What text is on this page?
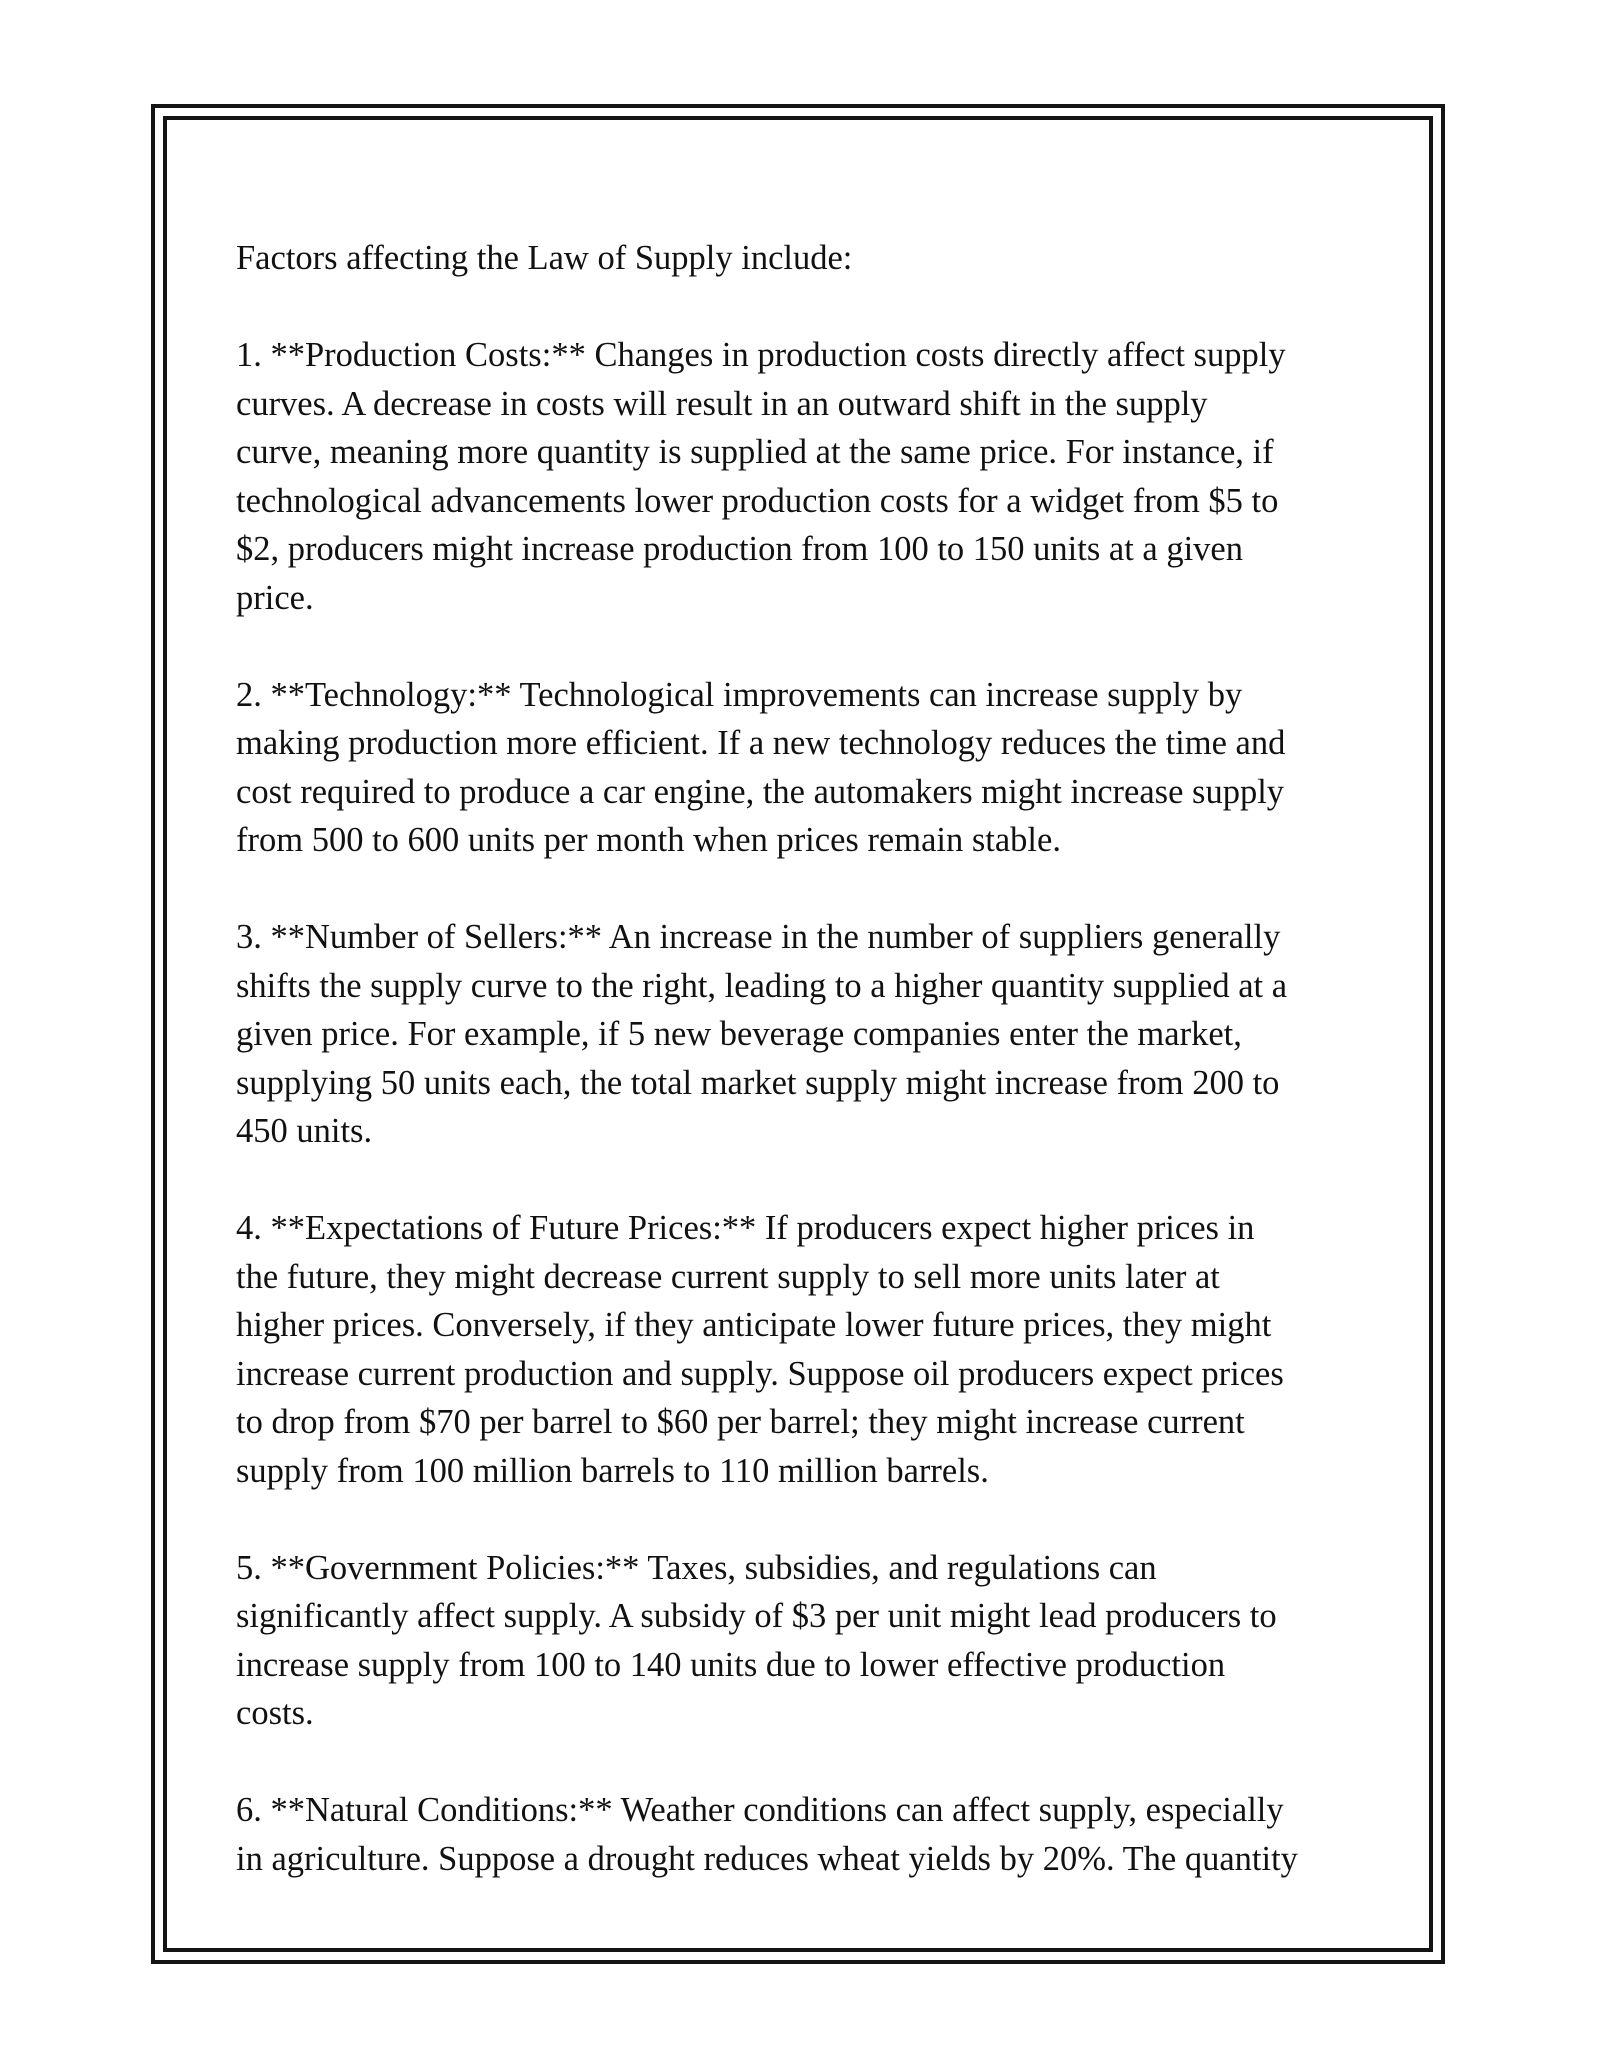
Factors affecting the Law of Supply include:

1. **Production Costs:** Changes in production costs directly affect supply
curves. A decrease in costs will result in an outward shift in the supply
curve, meaning more quantity is supplied at the same price. For instance, if
technological advancements lower production costs for a widget from $5 to
$2, producers might increase production from 100 to 150 units at a given
price.
2. **Technology:** Technological improvements can increase supply by
making production more efficient. If a new technology reduces the time and
cost required to produce a car engine, the automakers might increase supply
from 500 to 600 units per month when prices remain stable.
3. **Number of Sellers:** An increase in the number of suppliers generally
shifts the supply curve to the right, leading to a higher quantity supplied at a
given price. For example, if 5 new beverage companies enter the market,
supplying 50 units each, the total market supply might increase from 200 to
450 units.
4. **Expectations of Future Prices:** If producers expect higher prices in
the future, they might decrease current supply to sell more units later at
higher prices. Conversely, if they anticipate lower future prices, they might
increase current production and supply. Suppose oil producers expect prices
to drop from $70 per barrel to $60 per barrel; they might increase current
supply from 100 million barrels to 110 million barrels.
5. **Government Policies:** Taxes, subsidies, and regulations can
significantly affect supply. A subsidy of $3 per unit might lead producers to
increase supply from 100 to 140 units due to lower effective production
costs.
6. **Natural Conditions:** Weather conditions can affect supply, especially
in agriculture. Suppose a drought reduces wheat yields by 20%. The quantity
